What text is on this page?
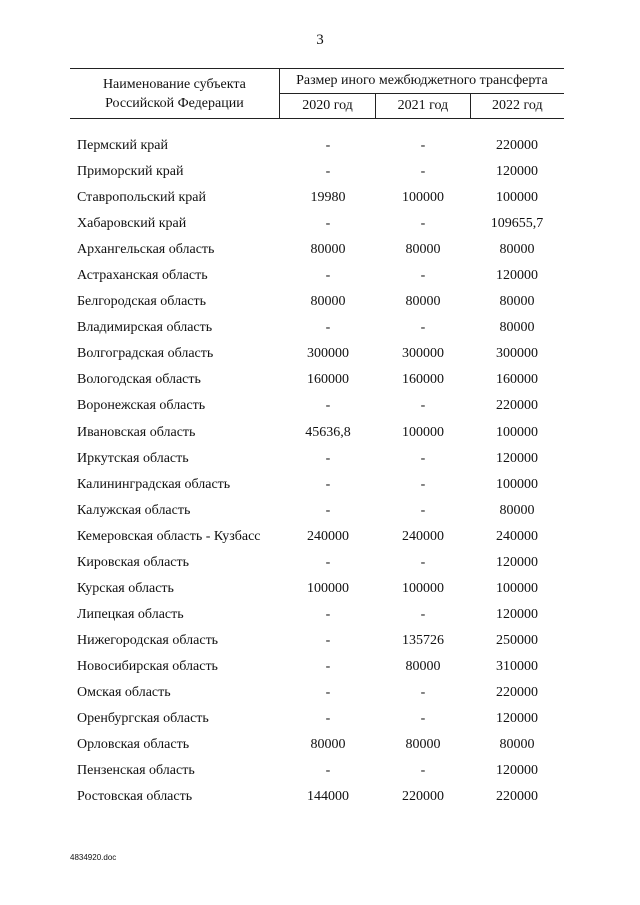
3
Наименование субъекта Российской Федерации	Размер иного межбюджетного трансферта		
	2020 год	2021 год	2022 год
Пермский край	-	-	220000
Приморский край	-	-	120000
Ставропольский край	19980	100000	100000
Хабаровский край	-	-	109655,7
Архангельская область	80000	80000	80000
Астраханская область	-	-	120000
Белгородская область	80000	80000	80000
Владимирская область	-	-	80000
Волгоградская область	300000	300000	300000
Вологодская область	160000	160000	160000
Воронежская область	-	-	220000
Ивановская область	45636,8	100000	100000
Иркутская область	-	-	120000
Калининградская область	-	-	100000
Калужская область	-	-	80000
Кемеровская область - Кузбасс	240000	240000	240000
Кировская область	-	-	120000
Курская область	100000	100000	100000
Липецкая область	-	-	120000
Нижегородская область	-	135726	250000
Новосибирская область	-	80000	310000
Омская область	-	-	220000
Оренбургская область	-	-	120000
Орловская область	80000	80000	80000
Пензенская область	-	-	120000
Ростовская область	144000	220000	220000
4834920.doc
